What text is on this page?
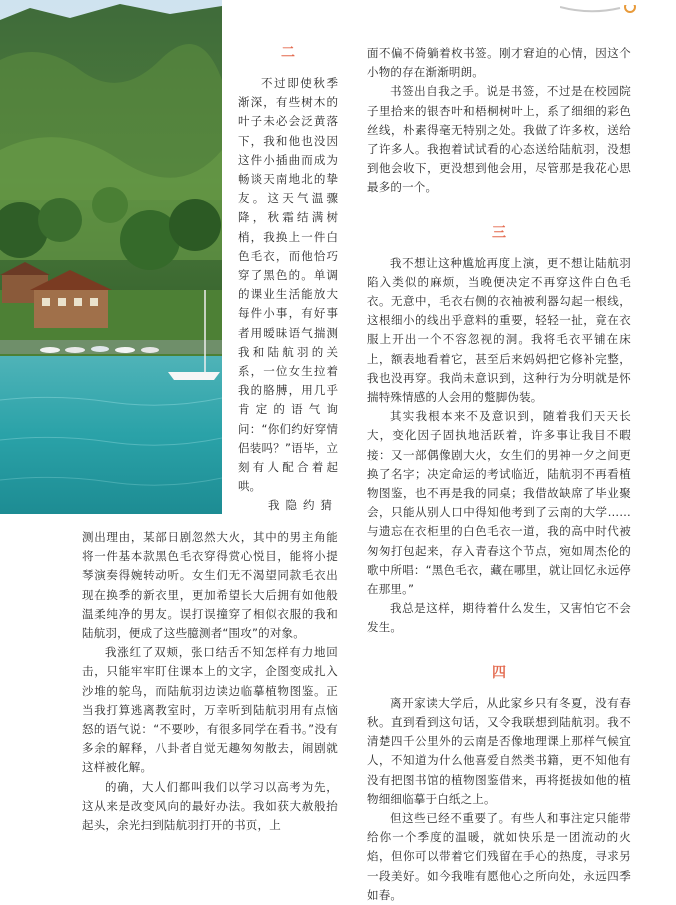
二

不过即使秋季渐深，有些树木的叶子未必会泛黄落下，我和他也没因这件小插曲而成为畅谈天南地北的挚友。这天气温骤降，秋霜结满树梢，我换上一件白色毛衣，而他恰巧穿了黑色的。单调的课业生活能放大每件小事，有好事者用暧昧语气揣测我和陆航羽的关系，一位女生拉着我的胳膊，用几乎肯定的语气询问：“你们约好穿情侣装吗？”语毕，立刻有人配合着起哄。

我隐约猜

测出理由，某部日剧忽然大火，其中的男主角能将一件基本款黑色毛衣穿得赏心悦目，能将小提琴演奏得婉转动听。女生们无不渴望同款毛衣出现在换季的新衣里，更加希望长大后拥有如他般温柔纯净的男友。误打误撞穿了相似衣服的我和陆航羽，便成了这些臆测者“围攻”的对象。

我涨红了双颊，张口结舌不知怎样有力地回击，只能牢牢盯住课本上的文字，企图变成扎入沙堆的鸵鸟，而陆航羽边读边临摹植物图鉴。正当我打算逃离教室时，万幸听到陆航羽用有点恼怒的语气说：“不要吵，有很多同学在看书。”没有多余的解释，八卦者自觉无趣匆匆散去，闹剧就这样被化解。

的确，大人们都叫我们以学习以高考为先，这从来是改变风向的最好办法。我如获大赦般抬起头，余光扫到陆航羽打开的书页，上

面不偏不倚躺着枚书签。刚才窘迫的心情，因这个小物的存在渐渐明朗。

书签出自我之手。说是书签，不过是在校园院子里拾来的银杏叶和梧桐树叶上，系了细细的彩色丝线，朴素得毫无特别之处。我做了许多枚，送给了许多人。我抱着试试看的心态送给陆航羽，没想到他会收下，更没想到他会用，尽管那是我花心思最多的一个。

三

我不想让这种尴尬再度上演，更不想让陆航羽陷入类似的麻烦，当晚便决定不再穿这件白色毛衣。无意中，毛衣右侧的衣袖被利器勾起一根线，这根细小的线出乎意料的重要，轻轻一扯，竟在衣服上开出一个不容忽视的洞。我将毛衣平铺在床上，额表地看着它，甚至后来妈妈把它修补完整，我也没再穿。我尚未意识到，这种行为分明就是怀揣特殊情感的人会用的蹩脚伪装。

其实我根本来不及意识到，随着我们天天长大，变化因子固执地活跃着，许多事让我目不暇接：又一部偶像剧大火，女生们的男神一夕之间更换了名字；决定命运的考试临近，陆航羽不再看植物图鉴，也不再是我的同桌；我借故缺席了毕业聚会，只能从别人口中得知他考到了云南的大学……与遗忘在衣柜里的白色毛衣一道，我的高中时代被匆匆打包起来，存入青春这个节点，宛如周杰伦的歌中所唱：“黑色毛衣，藏在哪里，就让回忆永远停在那里。”

我总是这样，期待着什么发生，又害怕它不会发生。

四

离开家读大学后，从此家乡只有冬夏，没有春秋。直到看到这句话，又令我联想到陆航羽。我不清楚四千公里外的云南是否像地理课上那样气候宜人，不知道为什么他喜爱自然类书籍，更不知他有没有把图书馆的植物图鉴借来，再将挺拔如他的植物细细临摹于白纸之上。

但这些已经不重要了。有些人和事注定只能带给你一个季度的温暖，就如快乐是一团流动的火焰，但你可以带着它们残留在手心的热度，寻求另一段美好。如今我唯有愿他心之所向处，永远四季如春。
